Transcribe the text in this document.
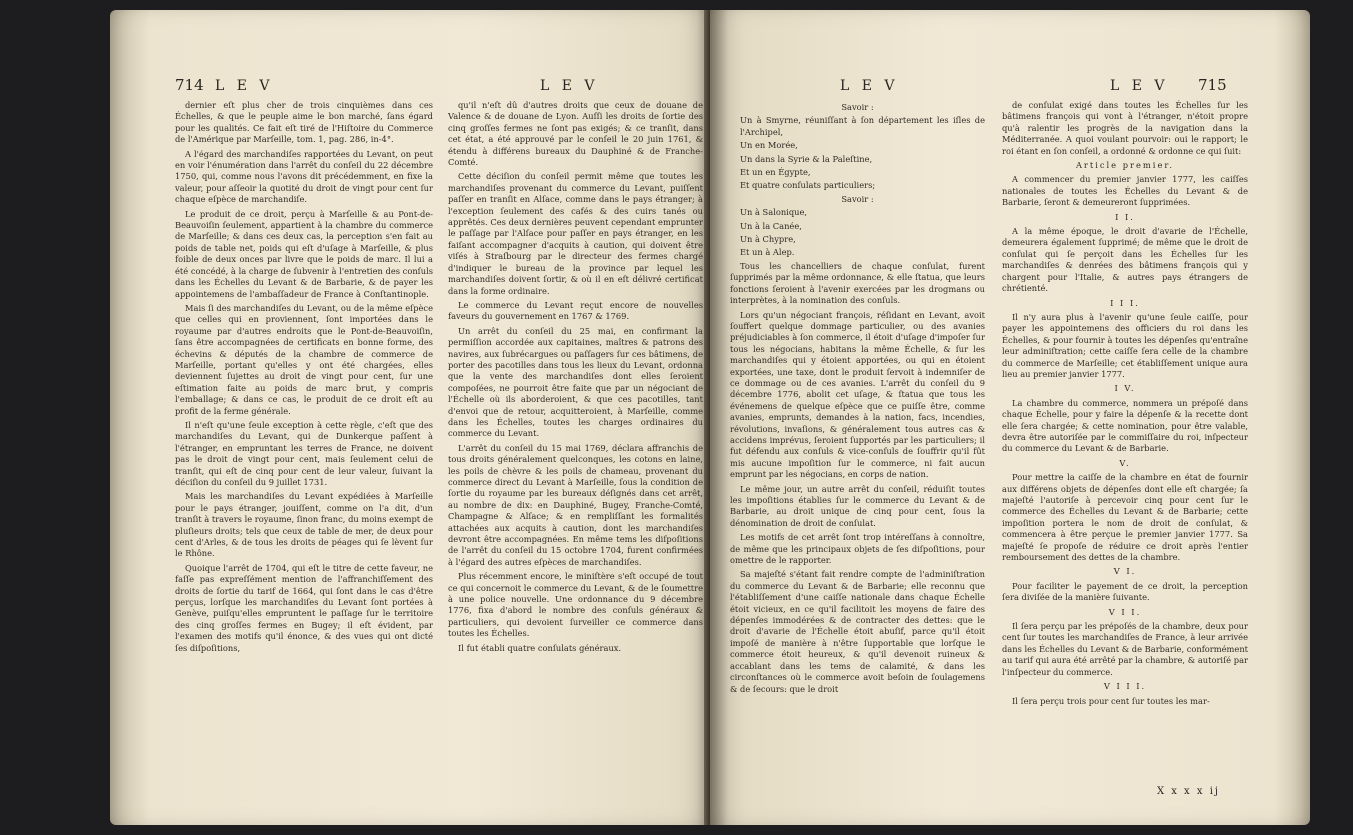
714 L E V	L E V

dernier eſt plus cher de trois cinquièmes dans ces Échelles, & que le peuple aime le bon marché, ſans égard pour les qualités. Ce fait eſt tiré de l'Hiſtoire du Commerce de l'Amérique par Marſeille, tom. 1, pag. 286, in-4°.

A l'égard des marchandiſes rapportées du Levant, on peut en voir l'énumération dans l'arrêt du conſeil du 22 décembre 1750, qui, comme nous l'avons dit précédemment, en fixe la valeur, pour aſſeoir la quotité du droit de vingt pour cent ſur chaque eſpèce de marchandiſe.

Le produit de ce droit, perçu à Marſeille & au Pont-de-Beauvoiſin ſeulement, appartient à la chambre du commerce de Marſeille; & dans ces deux cas, la perception s'en fait au poids de table net, poids qui eſt d'uſage à Marſeille, & plus foible de deux onces par livre que le poids de marc. Il lui a été concédé, à la charge de ſubvenir à l'entretien des conſuls dans les Échelles du Levant & de Barbarie, & de payer les appointemens de l'ambaſſadeur de France à Conſtantinople.

Mais ſi des marchandiſes du Levant, ou de la même eſpèce que celles qui en proviennent, ſont importées dans le royaume par d'autres endroits que le Pont-de-Beauvoiſin, ſans être accompagnées de certificats en bonne forme, des échevins & députés de la chambre de commerce de Marſeille, portant qu'elles y ont été chargées, elles deviennent ſujettes au droit de vingt pour cent, ſur une eſtimation faite au poids de marc brut, y compris l'emballage; & dans ce cas, le produit de ce droit eſt au profit de la ferme générale.

Il n'eſt qu'une ſeule exception à cette règle, c'eſt que des marchandiſes du Levant, qui de Dunkerque paſſent à l'étranger, en empruntant les terres de France, ne doivent pas le droit de vingt pour cent, mais ſeulement celui de tranſit, qui eſt de cinq pour cent de leur valeur, ſuivant la déciſion du conſeil du 9 juillet 1731.

Mais les marchandiſes du Levant expédiées à Marſeille pour le pays étranger, jouiſſent, comme on l'a dit, d'un tranſit à travers le royaume, ſinon franc, du moins exempt de pluſieurs droits; tels que ceux de table de mer, de deux pour cent d'Arles, & de tous les droits de péages qui ſe lèvent ſur le Rhône.

Quoique l'arrêt de 1704, qui eſt le titre de cette faveur, ne faſſe pas expreſſément mention de l'affranchiſſement des droits de ſortie du tarif de 1664, qui ſont dans le cas d'être perçus, lorſque les marchandiſes du Levant ſont portées à Genève, puiſqu'elles empruntent le paſſage ſur le territoire des cinq groſſes fermes en Bugey; il eſt évident, par l'examen des motifs qu'il énonce, & des vues qui ont dicté ſes diſpoſitions,

qu'il n'eſt dû d'autres droits que ceux de douane de Valence & de douane de Lyon. Auſſi les droits de ſortie des cinq groſſes fermes ne ſont pas exigés; & ce tranſit, dans cet état, a été approuvé par le conſeil le 20 juin 1761, & étendu à différens bureaux du Dauphiné & de Franche-Comté.

Cette déciſion du conſeil permit même que toutes les marchandiſes provenant du commerce du Levant, puiſſent paſſer en tranſit en Alſace, comme dans le pays étranger; à l'exception ſeulement des cafés & des cuirs tanés ou apprêtés. Ces deux dernières peuvent cependant emprunter le paſſage par l'Alſace pour paſſer en pays étranger, en les faiſant accompagner d'acquits à caution, qui doivent être viſés à Straſbourg par le directeur des fermes chargé d'indiquer le bureau de la province par lequel les marchandiſes doivent ſortir, & où il en eſt délivré certificat dans la forme ordinaire.

Le commerce du Levant reçut encore de nouvelles faveurs du gouvernement en 1767 & 1769.

Un arrêt du conſeil du 25 mai, en confirmant la permiſſion accordée aux capitaines, maîtres & patrons des navires, aux ſubrécargues ou paſſagers ſur ces bâtimens, de porter des pacotilles dans tous les lieux du Levant, ordonna que la vente des marchandiſes dont elles ſeroient compoſées, ne pourroit être faite que par un négociant de l'Échelle où ils aborderoient, & que ces pacotilles, tant d'envoi que de retour, acquitteroient, à Marſeille, comme dans les Échelles, toutes les charges ordinaires du commerce du Levant.

L'arrêt du conſeil du 15 mai 1769, déclara affranchis de tous droits généralement quelconques, les cotons en laine, les poils de chèvre & les poils de chameau, provenant du commerce direct du Levant à Marſeille, ſous la condition de ſortie du royaume par les bureaux déſignés dans cet arrêt, au nombre de dix: en Dauphiné, Bugey, Franche-Comté, Champagne & Alſace; & en rempliſſant les formalités attachées aux acquits à caution, dont les marchandiſes devront être accompagnées. En même tems les diſpoſitions de l'arrêt du conſeil du 15 octobre 1704, furent confirmées à l'égard des autres eſpèces de marchandiſes.

Plus récemment encore, le miniſtère s'eſt occupé de tout ce qui concernoit le commerce du Levant, & de le ſoumettre à une police nouvelle. Une ordonnance du 9 décembre 1776, fixa d'abord le nombre des conſuls généraux & particuliers, qui devoient ſurveiller ce commerce dans toutes les Échelles.

Il fut établi quatre conſulats généraux.

L E V	L E V 715

Savoir :

Un à Smyrne, réuniſſant à ſon département les iſles de l'Archipel,

Un en Morée,

Un dans la Syrie & la Paleſtine,

Et un en Égypte,

Et quatre conſulats particuliers;

Savoir :

Un à Salonique,

Un à la Canée,

Un à Chypre,

Et un à Alep.

Tous les chancelliers de chaque conſulat, furent ſupprimés par la même ordonnance, & elle ſtatua, que leurs fonctions ſeroient à l'avenir exercées par les drogmans ou interprètes, à la nomination des conſuls.

Lors qu'un négociant françois, réſidant en Levant, avoit ſouffert quelque dommage particulier, ou des avanies préjudiciables à ſon commerce, il étoit d'uſage d'impoſer ſur tous les négocians, habitans la même Échelle, & ſur les marchandiſes qui y étoient apportées, ou qui en étoient exportées, une taxe, dont le produit ſervoit à indemniſer de ce dommage ou de ces avanies. L'arrêt du conſeil du 9 décembre 1776, abolit cet uſage, & ſtatua que tous les événemens de quelque eſpèce que ce puiſſe être, comme avanies, emprunts, demandes à la nation, facs, incendies, révolutions, invaſions, & généralement tous autres cas & accidens imprévus, ſeroient ſupportés par les particuliers; il fut défendu aux conſuls & vice-conſuls de ſouffrir qu'il fût mis aucune impoſition ſur le commerce, ni fait aucun emprunt par les négocians, en corps de nation.

Le même jour, un autre arrêt du conſeil, réduiſit toutes les impoſitions établies ſur le commerce du Levant & de Barbarie, au droit unique de cinq pour cent, ſous la dénomination de droit de conſulat.

Les motifs de cet arrêt ſont trop intéreſſans à connoître, de même que les principaux objets de ſes diſpoſitions, pour omettre de le rapporter.

Sa majeſté s'étant fait rendre compte de l'adminiſtration du commerce du Levant & de Barbarie; elle reconnu que l'établiſſement d'une caiſſe nationale dans chaque Échelle étoit vicieux, en ce qu'il facilitoit les moyens de faire des dépenſes immodérées & de contracter des dettes: que le droit d'avarie de l'Échelle étoit abuſif, parce qu'il étoit impoſé de manière à n'être ſupportable que lorſque le commerce étoit heureux, & qu'il devenoit ruineux & accablant dans les tems de calamité, & dans les circonſtances où le commerce avoit beſoin de ſoulagemens & de ſecours: que le droit

de conſulat exigé dans toutes les Échelles ſur les bâtimens françois qui vont à l'étranger, n'étoit propre qu'à ralentir les progrès de la navigation dans la Méditerranée. A quoi voulant pourvoir: oui le rapport; le roi étant en ſon conſeil, a ordonné & ordonne ce qui ſuit:

Article premier.

A commencer du premier janvier 1777, les caiſſes nationales de toutes les Échelles du Levant & de Barbarie, ſeront & demeureront ſupprimées.

I I.

A la même époque, le droit d'avarie de l'Échelle, demeurera également ſupprimé; de même que le droit de conſulat qui ſe perçoit dans les Échelles ſur les marchandiſes & denrées des bâtimens françois qui y chargent pour l'Italie, & autres pays étrangers de chrétienté.

I I I.

Il n'y aura plus à l'avenir qu'une ſeule caiſſe, pour payer les appointemens des officiers du roi dans les Échelles, & pour fournir à toutes les dépenſes qu'entraîne leur adminiſtration; cette caiſſe ſera celle de la chambre du commerce de Marſeille; cet établiſſement unique aura lieu au premier janvier 1777.

I V.

La chambre du commerce, nommera un prépoſé dans chaque Échelle, pour y faire la dépenſe & la recette dont elle ſera chargée; & cette nomination, pour être valable, devra être autoriſée par le commiſſaire du roi, inſpecteur du commerce du Levant & de Barbarie.

V.

Pour mettre la caiſſe de la chambre en état de fournir aux différens objets de dépenſes dont elle eſt chargée; ſa majeſté l'autoriſe à percevoir cinq pour cent ſur le commerce des Échelles du Levant & de Barbarie; cette impoſition portera le nom de droit de conſulat, & commencera à être perçue le premier janvier 1777. Sa majeſté ſe propoſe de réduire ce droit après l'entier remboursement des dettes de la chambre.

V I.

Pour faciliter le payement de ce droit, la perception ſera diviſée de la manière ſuivante.

V I I.

Il ſera perçu par les prépoſés de la chambre, deux pour cent ſur toutes les marchandiſes de France, à leur arrivée dans les Échelles du Levant & de Barbarie, conformément au tarif qui aura été arrêté par la chambre, & autoriſé par l'inſpecteur du commerce.

V I I I.

Il ſera perçu trois pour cent ſur toutes les mar-

X x x x ij
